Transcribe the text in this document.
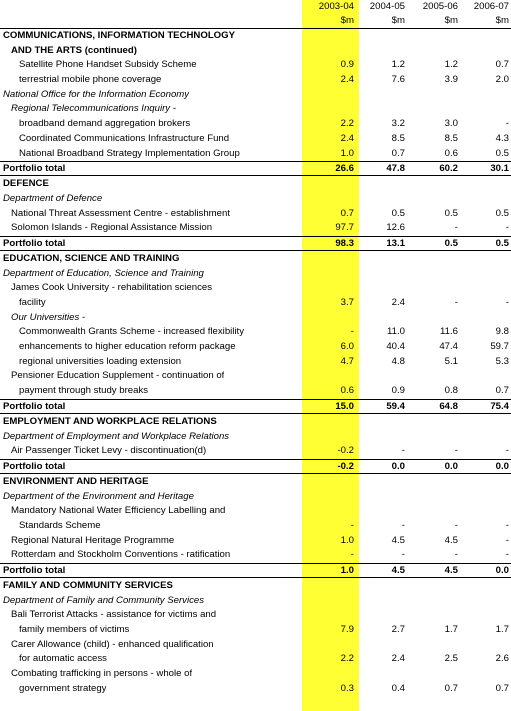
2003-04	2004-05	2005-06	2006-07
$m	$m	$m	$m
COMMUNICATIONS, INFORMATION TECHNOLOGY
AND THE ARTS (continued)
Satellite Phone Handset Subsidy Scheme	0.9	1.2	1.2	0.7
terrestrial mobile phone coverage	2.4	7.6	3.9	2.0
National Office for the Information Economy
Regional Telecommunications Inquiry -
broadband demand aggregation brokers	2.2	3.2	3.0	-
Coordinated Communications Infrastructure Fund	2.4	8.5	8.5	4.3
National Broadband Strategy Implementation Group	1.0	0.7	0.6	0.5
Portfolio total	26.6	47.8	60.2	30.1
DEFENCE
Department of Defence
National Threat Assessment Centre - establishment	0.7	0.5	0.5	0.5
Solomon Islands - Regional Assistance Mission	97.7	12.6	-	-
Portfolio total	98.3	13.1	0.5	0.5
EDUCATION, SCIENCE AND TRAINING
Department of Education, Science and Training
James Cook University - rehabilitation sciences
facility	3.7	2.4	-	-
Our Universities -
Commonwealth Grants Scheme - increased flexibility	-	11.0	11.6	9.8
enhancements to higher education reform package	6.0	40.4	47.4	59.7
regional universities loading extension	4.7	4.8	5.1	5.3
Pensioner Education Supplement - continuation of
payment through study breaks	0.6	0.9	0.8	0.7
Portfolio total	15.0	59.4	64.8	75.4
EMPLOYMENT AND WORKPLACE RELATIONS
Department of Employment and Workplace Relations
Air Passenger Ticket Levy - discontinuation(d)	-0.2	-	-	-
Portfolio total	-0.2	0.0	0.0	0.0
ENVIRONMENT AND HERITAGE
Department of the Environment and Heritage
Mandatory National Water Efficiency Labelling and
Standards Scheme	-	-	-	-
Regional Natural Heritage Programme	1.0	4.5	4.5	-
Rotterdam and Stockholm Conventions - ratification	-	-	-	-
Portfolio total	1.0	4.5	4.5	0.0
FAMILY AND COMMUNITY SERVICES
Department of Family and Community Services
Bali Terrorist Attacks - assistance for victims and
family members of victims	7.9	2.7	1.7	1.7
Carer Allowance (child) - enhanced qualification
for automatic access	2.2	2.4	2.5	2.6
Combating trafficking in persons - whole of
government strategy	0.3	0.4	0.7	0.7
